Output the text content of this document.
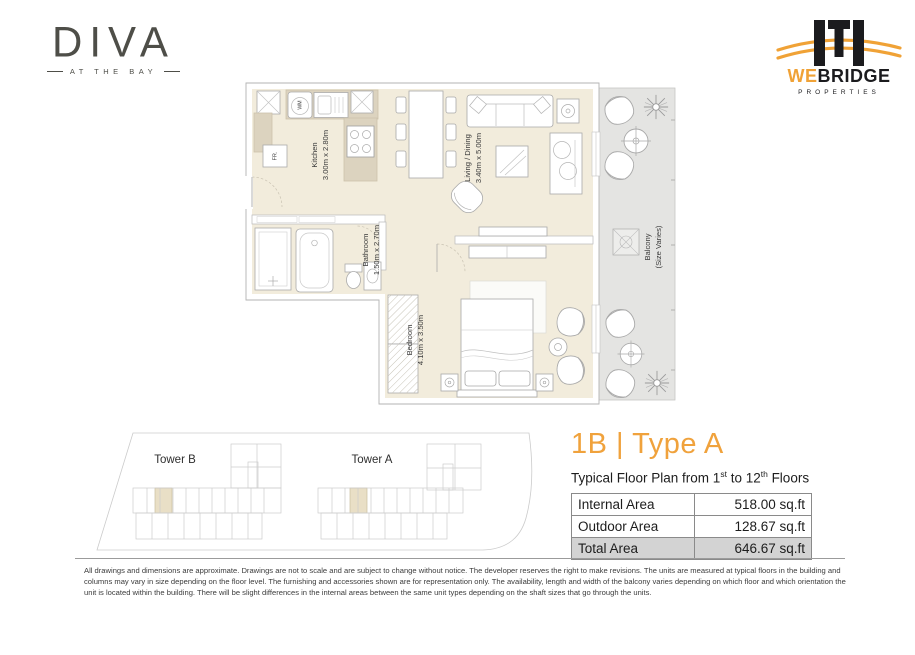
DIVA
AT THE BAY	WEBRIDGE
PROPERTIES
WM
FR.	Kitchen 3.00m x 2.80m	Living / Dining 3.40m x 5.00m
Bathroom 1.50m x 2.70m
Bedroom 4.10m x 3.50m
Balcony (Size Varies)
Tower B	Tower A	1B | Type A
Typical Floor Plan from 1st to 12th Floors
Internal Area	518.00 sq.ft
Outdoor Area	128.67 sq.ft
Total Area	646.67 sq.ft
All drawings and dimensions are approximate. Drawings are not to scale and are subject to change without notice. The developer reserves the right to make revisions. The units are measured at typical floors in the building and columns may vary in size depending on the floor level. The furnishing and accessories shown are for representation only. The availability, length and width of the balcony varies depending on which floor and which orientation the unit is located within the building. There will be slight differences in the internal areas between the same unit types depending on the shaft sizes that go through the units.
